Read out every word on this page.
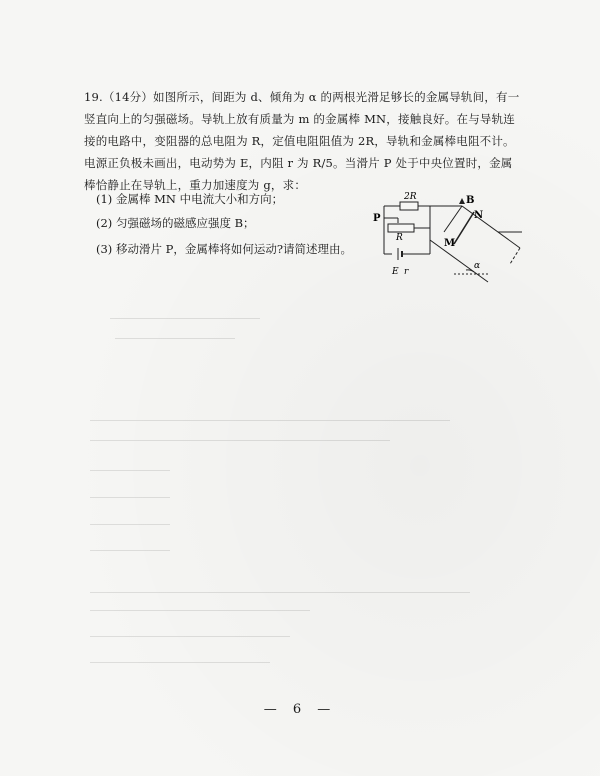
19.（14分）如图所示，间距为 d、倾角为 α 的两根光滑足够长的金属导轨间，有一竖直向上的匀强磁场。导轨上放有质量为 m 的金属棒 MN，接触良好。在与导轨连接的电路中，变阻器的总电阻为 R，定值电阻阻值为 2R，导轨和金属棒电阻不计。电源正负极未画出，电动势为 E，内阻 r 为 R/5。当滑片 P 处于中央位置时，金属棒恰静止在导轨上，重力加速度为 g，求：

(1) 金属棒 MN 中电流大小和方向；
(2) 匀强磁场的磁感应强度 B；
(3) 移动滑片 P，金属棒将如何运动?请简述理由。
2R
P
R
B
N
M
α
E r
— 6 —
